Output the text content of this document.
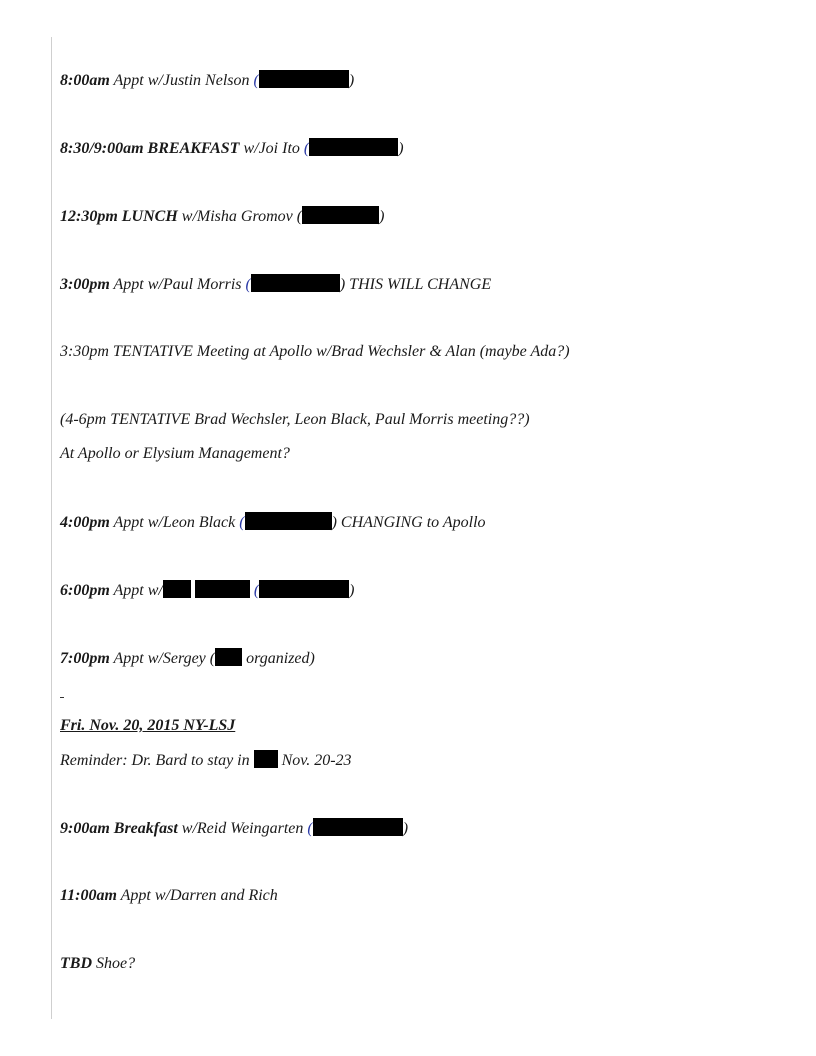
8:00am Appt w/Justin Nelson (	)
8:30/9:00am BREAKFAST w/Joi Ito (	)
12:30pm LUNCH w/Misha Gromov (	)
3:00pm Appt w/Paul Morris (	) THIS WILL CHANGE
3:30pm TENTATIVE Meeting at Apollo w/Brad Wechsler & Alan (maybe Ada?)
(4-6pm TENTATIVE Brad Wechsler, Leon Black, Paul Morris meeting??)
At Apollo or Elysium Management?
4:00pm Appt w/Leon Black (	) CHANGING to Apollo
6:00pm Appt w/	(	)
7:00pm Appt w/Sergey ( organized)
Fri. Nov. 20, 2015 NY-LSJ
Reminder: Dr. Bard to stay in Nov. 20-23
9:00am Breakfast w/Reid Weingarten (	)
11:00am Appt w/Darren and Rich
TBD Shoe?
